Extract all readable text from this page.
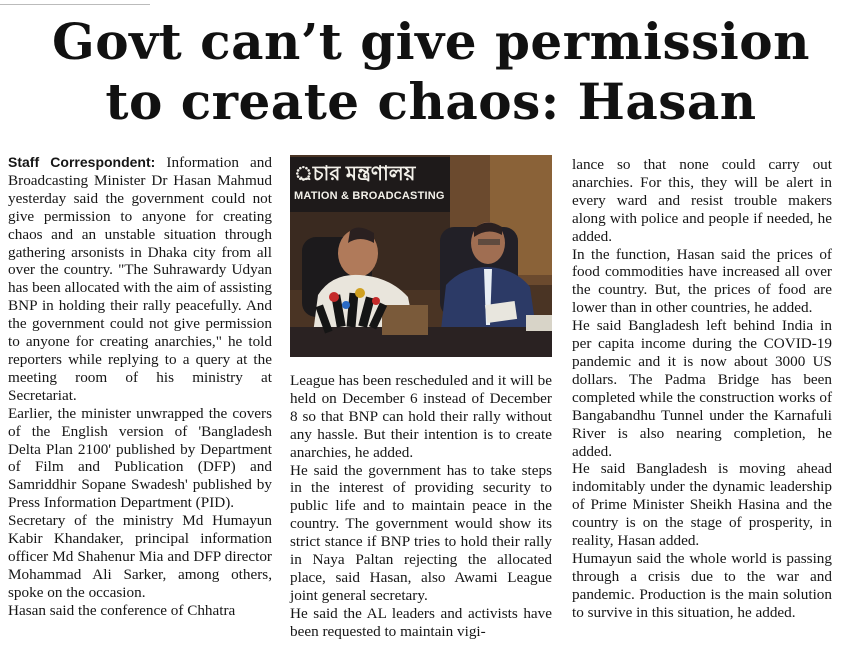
Govt can’t give permission
to create chaos: Hasan

Staff Correspondent: Information and Broadcasting Minister Dr Hasan Mahmud yesterday said the government could not give permission to anyone for creating chaos and an unstable situation through gathering arsonists in Dhaka city from all over the country. "The Suhrawardy Udyan has been allocated with the aim of assisting BNP in holding their rally peacefully. And the government could not give permission to anyone for creating anarchies," he told reporters while replying to a query at the meeting room of his ministry at Secretariat.

Earlier, the minister unwrapped the covers of the English version of 'Bangladesh Delta Plan 2100' published by Department of Film and Publication (DFP) and Samriddhir Sopane Swadesh' published by Press Information Department (PID).

Secretary of the ministry Md Humayun Kabir Khandaker, principal information officer Md Shahenur Mia and DFP director Mohammad Ali Sarker, among others, spoke on the occasion.

Hasan said the conference of Chhatra

্রচার মন্ত্রণালয়
MATION & BROADCASTING

League has been rescheduled and it will be held on December 6 instead of December 8 so that BNP can hold their rally without any hassle. But their intention is to create anarchies, he added.

He said the government has to take steps in the interest of providing security to public life and to maintain peace in the country. The government would show its strict stance if BNP tries to hold their rally in Naya Paltan rejecting the allocated place, said Hasan, also Awami League joint general secretary.

He said the AL leaders and activists have been requested to maintain vigi-

lance so that none could carry out anarchies. For this, they will be alert in every ward and resist trouble makers along with police and people if needed, he added.

In the function, Hasan said the prices of food commodities have increased all over the country. But, the prices of food are lower than in other countries, he added.

He said Bangladesh left behind India in per capita income during the COVID-19 pandemic and it is now about 3000 US dollars. The Padma Bridge has been completed while the construction works of Bangabandhu Tunnel under the Karnafuli River is also nearing completion, he added.

He said Bangladesh is moving ahead indomitably under the dynamic leadership of Prime Minister Sheikh Hasina and the country is on the stage of prosperity, in reality, Hasan added.

Humayun said the whole world is passing through a crisis due to the war and pandemic. Production is the main solution to survive in this situation, he added.
